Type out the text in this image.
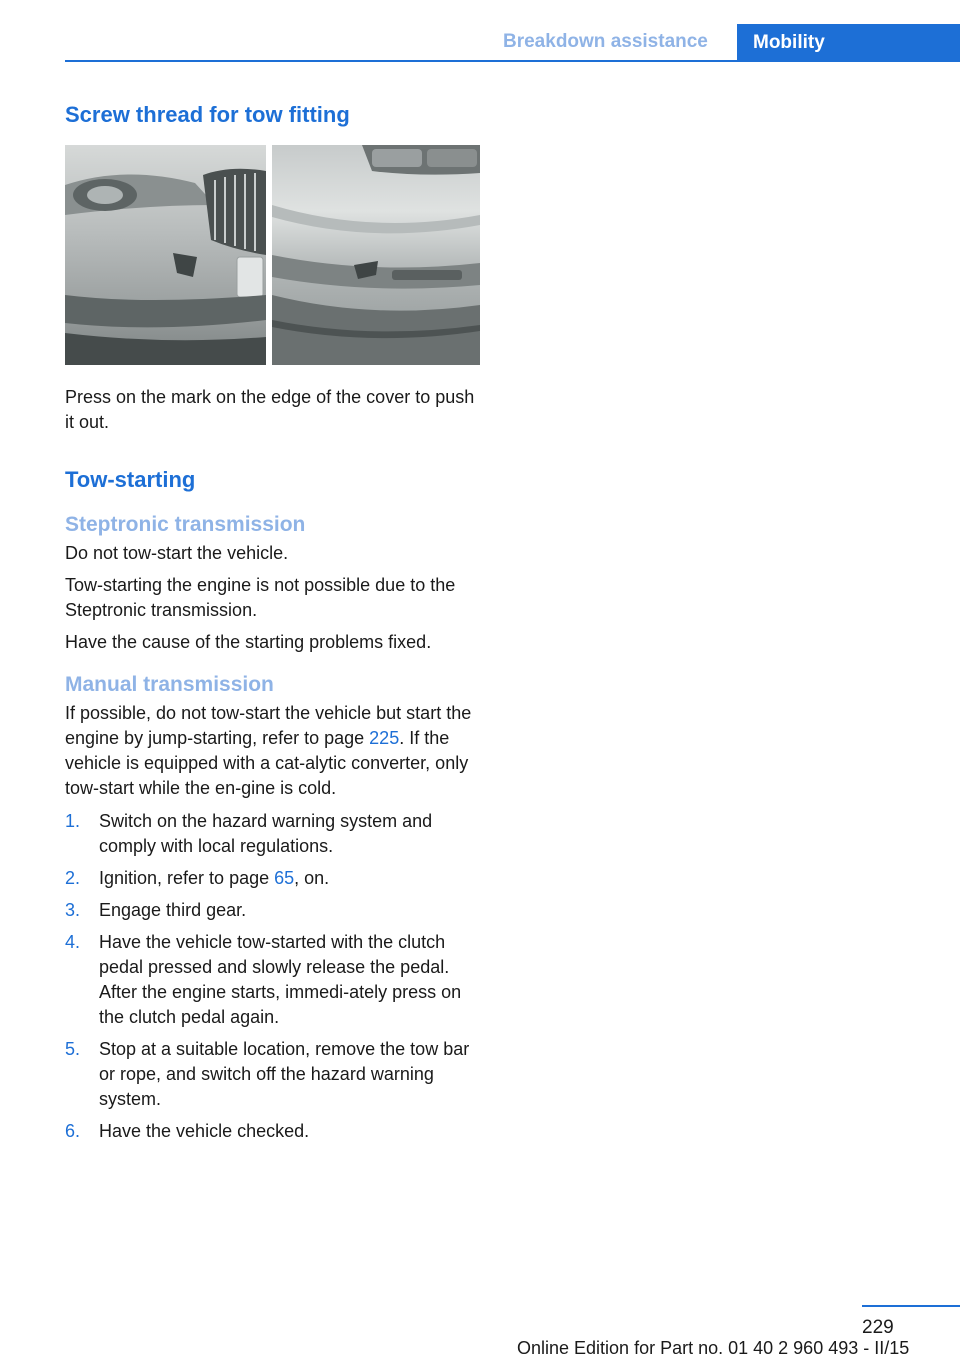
Breakdown assistance	Mobility
Screw thread for tow fitting

Press on the mark on the edge of the cover to push it out.

Tow-starting
Steptronic transmission

Do not tow-start the vehicle.

Tow-starting the engine is not possible due to the Steptronic transmission.

Have the cause of the starting problems fixed.

Manual transmission

If possible, do not tow-start the vehicle but start the engine by jump-starting, refer to page 225. If the vehicle is equipped with a cat‐alytic converter, only tow-start while the en‐gine is cold.

1.	Switch on the hazard warning system and comply with local regulations.
2.	Ignition, refer to page 65, on.
3.	Engage third gear.
4.	Have the vehicle tow-started with the clutch pedal pressed and slowly release the pedal. After the engine starts, immedi‐ately press on the clutch pedal again.
5.	Stop at a suitable location, remove the tow bar or rope, and switch off the hazard warning system.
6.	Have the vehicle checked.
229
Online Edition for Part no. 01 40 2 960 493 - II/15
